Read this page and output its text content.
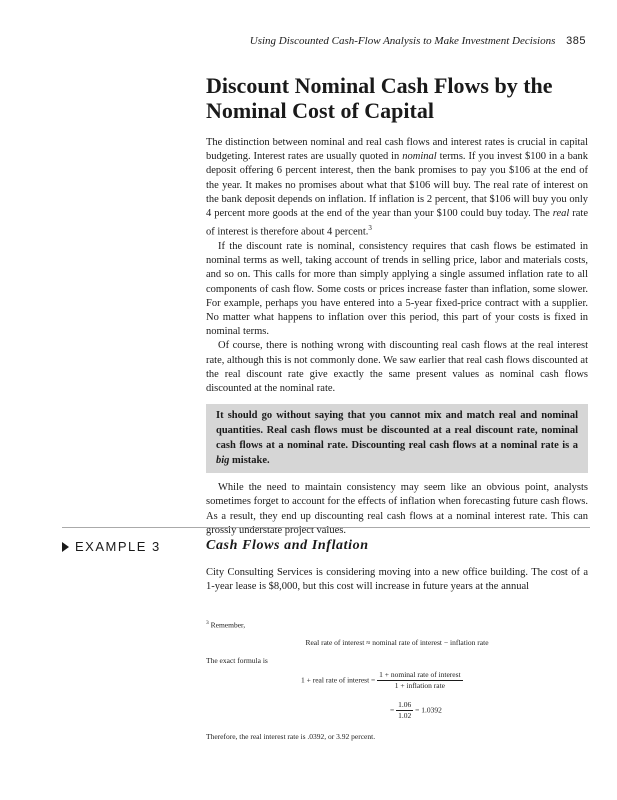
Using Discounted Cash-Flow Analysis to Make Investment Decisions 385
Discount Nominal Cash Flows by the Nominal Cost of Capital

The distinction between nominal and real cash flows and interest rates is crucial in capital budgeting. Interest rates are usually quoted in nominal terms. If you invest $100 in a bank deposit offering 6 percent interest, then the bank promises to pay you $106 at the end of the year. It makes no promises about what that $106 will buy. The real rate of interest on the bank deposit depends on inflation. If inflation is 2 percent, that $106 will buy you only 4 percent more goods at the end of the year than your $100 could buy today. The real rate of interest is therefore about 4 percent.$^3$

If the discount rate is nominal, consistency requires that cash flows be estimated in nominal terms as well, taking account of trends in selling price, labor and materials costs, and so on. This calls for more than simply applying a single assumed inflation rate to all components of cash flow. Some costs or prices increase faster than inflation, some slower. For example, perhaps you have entered into a 5-year fixed-price contract with a supplier. No matter what happens to inflation over this period, this part of your costs is fixed in nominal terms.

Of course, there is nothing wrong with discounting real cash flows at the real interest rate, although this is not commonly done. We saw earlier that real cash flows discounted at the real discount rate give exactly the same present values as nominal cash flows discounted at the nominal rate.

It should go without saying that you cannot mix and match real and nominal quantities. Real cash flows must be discounted at a real discount rate, nominal cash flows at a nominal rate. Discounting real cash flows at a nominal rate is a big mistake.

While the need to maintain consistency may seem like an obvious point, analysts sometimes forget to account for the effects of inflation when forecasting future cash flows. As a result, they end up discounting real cash flows at a nominal interest rate. This can grossly understate project values.

EXAMPLE 3	Cash Flows and Inflation
City Consulting Services is considering moving into a new office building. The cost of a 1-year lease is $8,000, but this cost will increase in future years at the annual

$^3$ Remember,

Real rate of interest ≈ nominal rate of interest − inflation rate

The exact formula is

1 + real rate of interest = $\frac{\text{1 + nominal rate of interest}}{\text{1 + inflation rate}}$
= $\frac{1.06}{1.02} = 1.0392$

Therefore, the real interest rate is .0392, or 3.92 percent.
